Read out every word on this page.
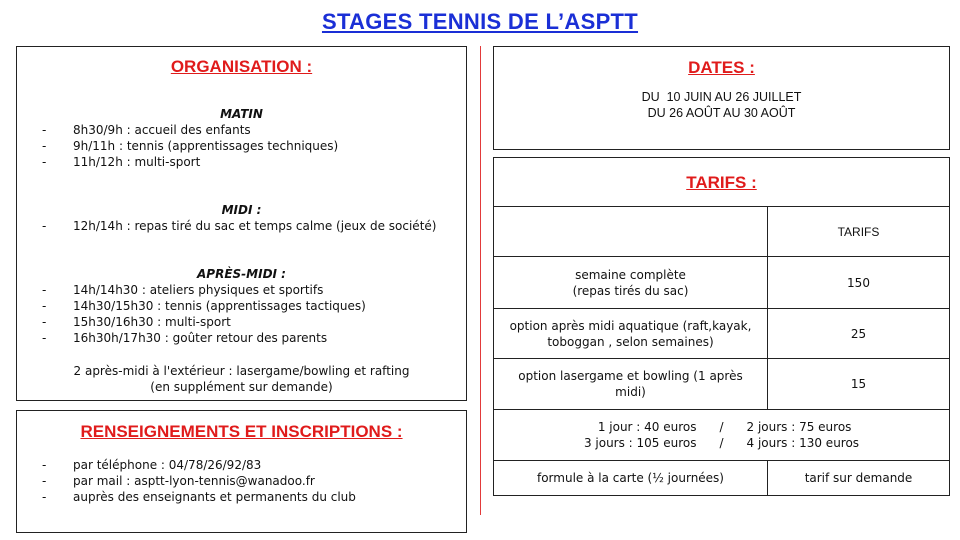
STAGES TENNIS DE L’ASPTT
ORGANISATION :
MATIN
- 8h30/9h : accueil des enfants
- 9h/11h : tennis (apprentissages techniques)
- 11h/12h : multi-sport
MIDI :
- 12h/14h : repas tiré du sac et temps calme (jeux de société)
APRÈS-MIDI :
- 14h/14h30 : ateliers physiques et sportifs
- 14h30/15h30 : tennis (apprentissages tactiques)
- 15h30/16h30 : multi-sport
- 16h30h/17h30 : goûter retour des parents
2 après-midi à l'extérieur : lasergame/bowling et rafting
(en supplément sur demande)
RENSEIGNEMENTS ET INSCRIPTIONS :
- par téléphone : 04/78/26/92/83
- par mail : asptt-lyon-tennis@wanadoo.fr
- auprès des enseignants et permanents du club
DATES :
DU  10 JUIN AU 26 JUILLET
DU 26 AOÛT AU 30 AOÛT
TARIFS :
TARIFS
semaine complète
(repas tirés du sac)
150
option après midi aquatique (raft,kayak,
toboggan , selon semaines)
25
option lasergame et bowling (1 après
midi)
15
1 jour : 40 euros	/	2 jours : 75 euros
3 jours : 105 euros	/	4 jours : 130 euros
formule à la carte (½ journées)	tarif sur demande
